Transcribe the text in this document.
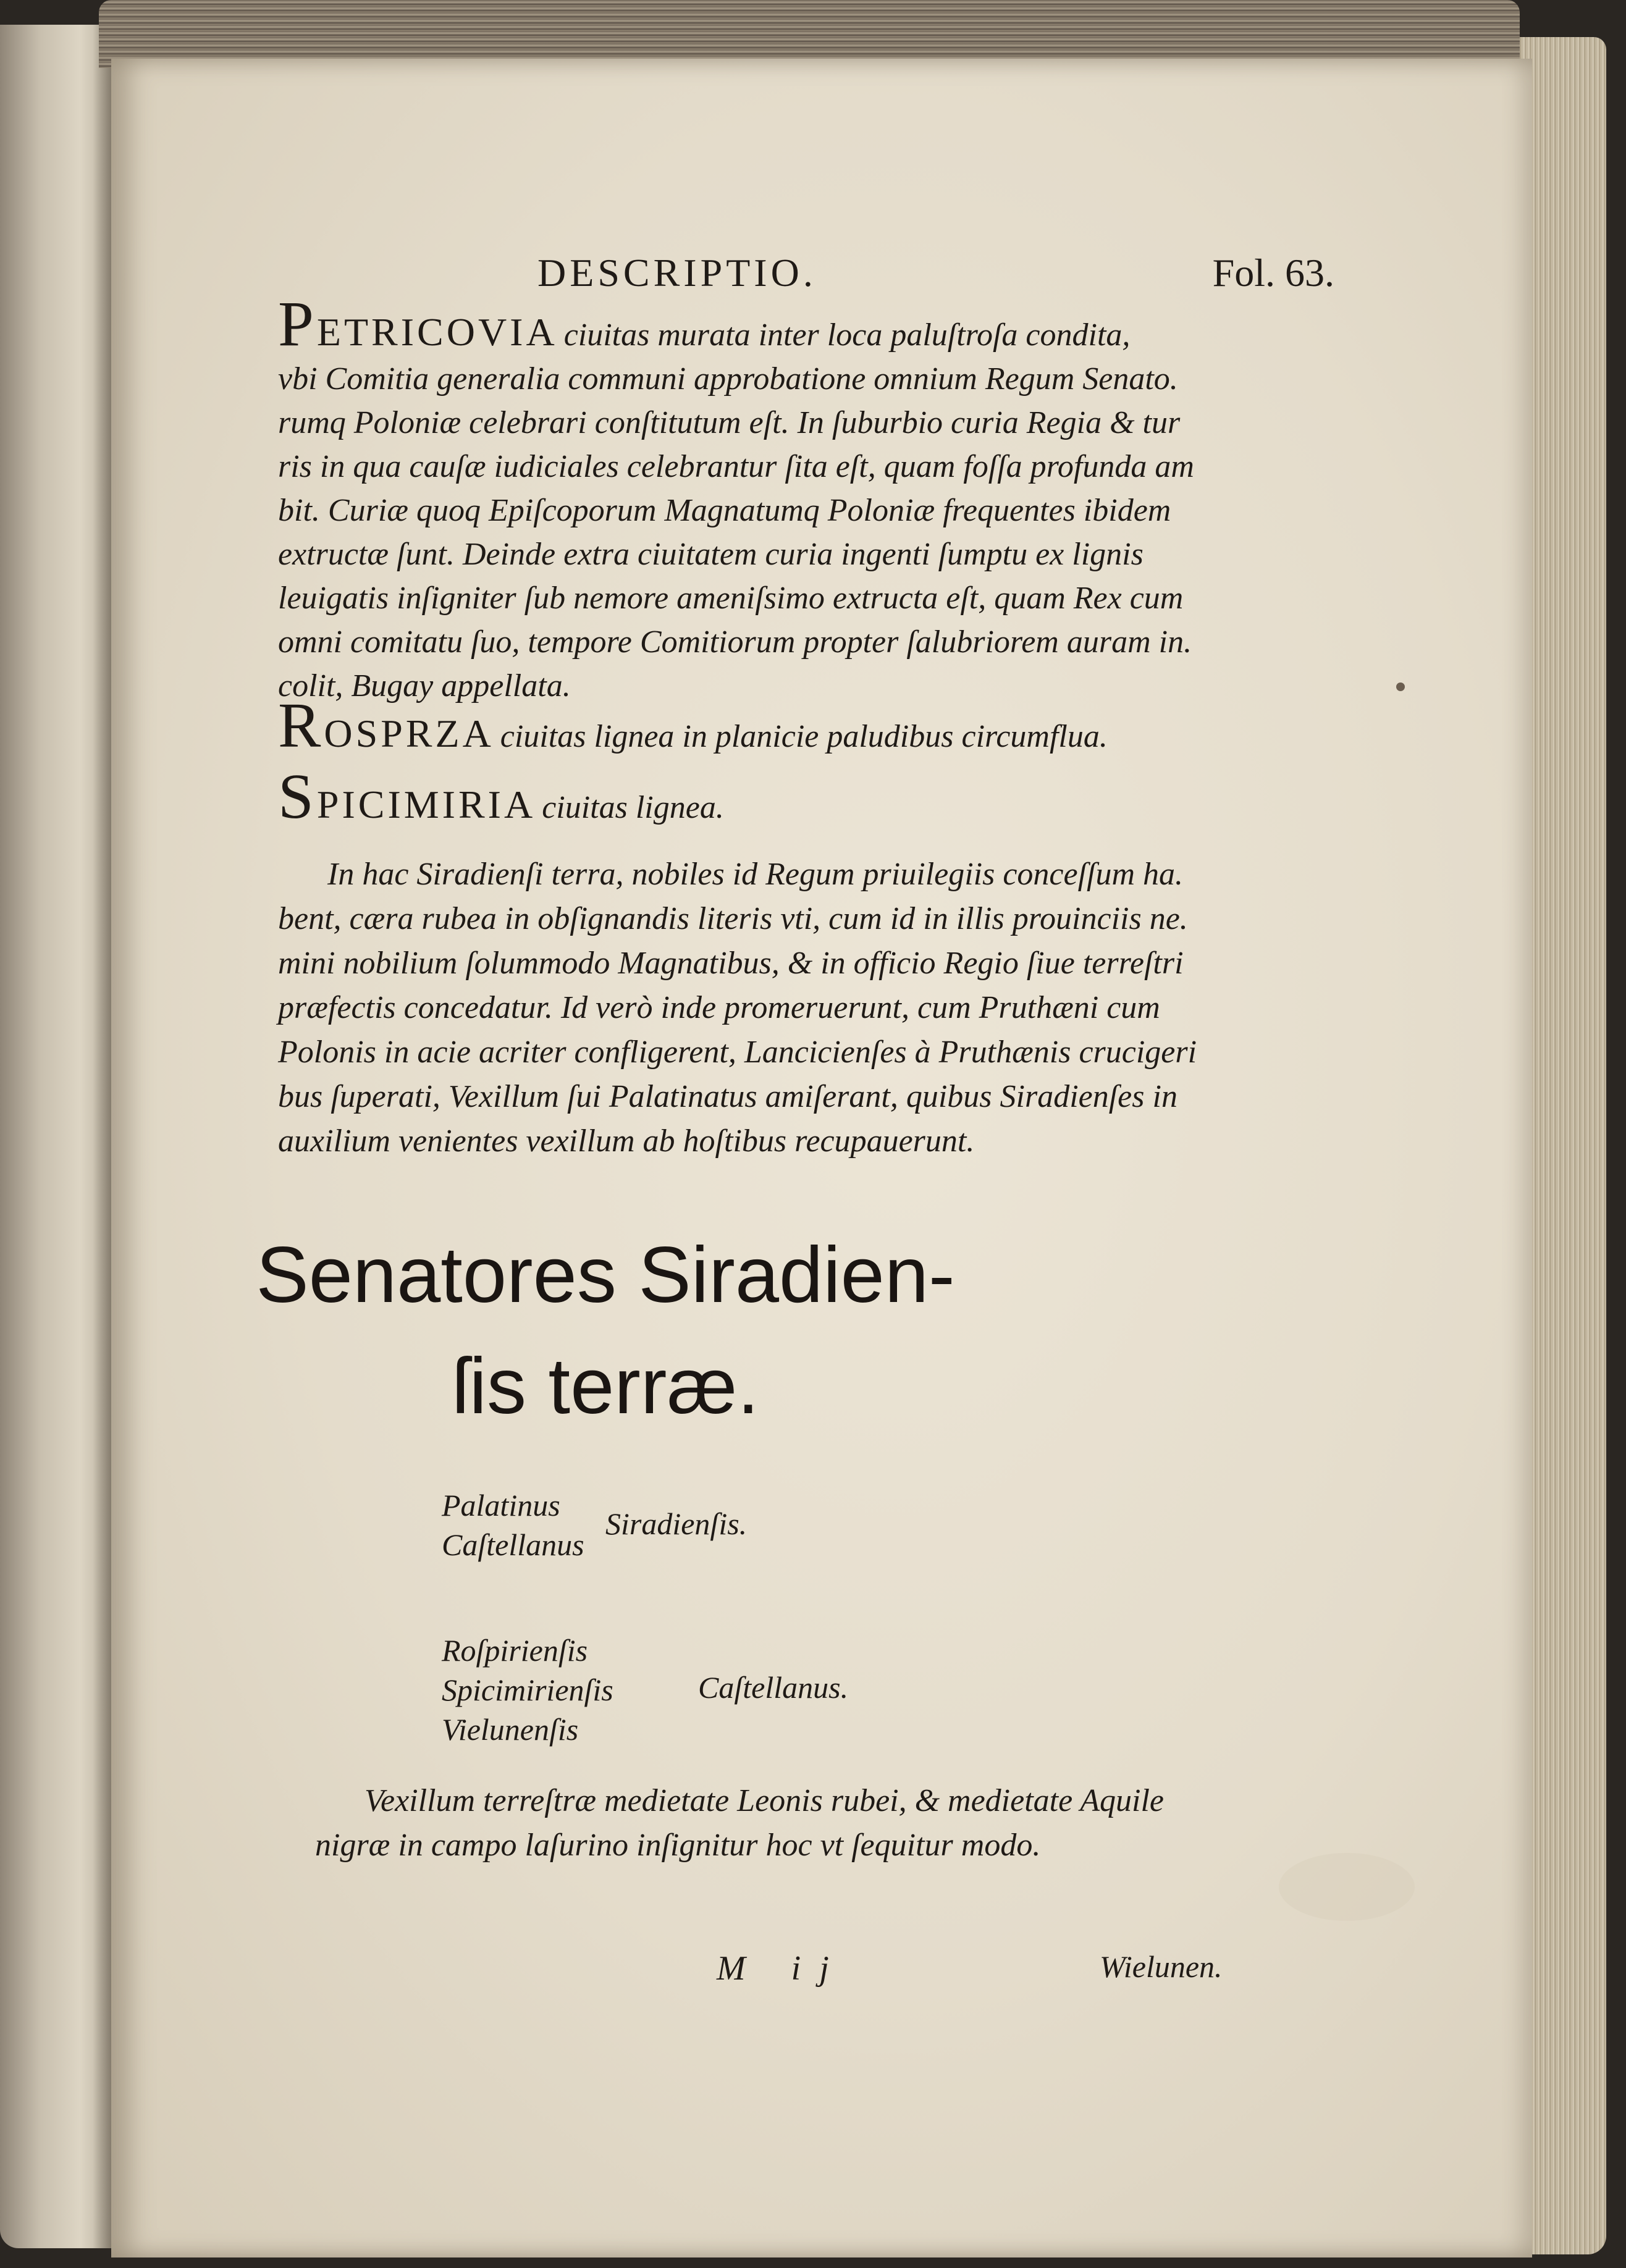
DESCRIPTIO.	Fol. 63.
PETRICOVIA ciuitas murata inter loca paluſtroſa condita,
vbi Comitia generalia communi approbatione omnium Regum Senato.
rumq Poloniæ celebrari conſtitutum eſt. In ſuburbio curia Regia & tur
ris in qua cauſæ iudiciales celebrantur ſita eſt, quam foſſa profunda am
bit. Curiæ quoq Epiſcoporum Magnatumq Poloniæ frequentes ibidem
extructæ ſunt. Deinde extra ciuitatem curia ingenti ſumptu ex lignis
leuigatis inſigniter ſub nemore ameniſsimo extructa eſt, quam Rex cum
omni comitatu ſuo, tempore Comitiorum propter ſalubriorem auram in.
colit, Bugay appellata.
ROSPRZA ciuitas lignea in planicie paludibus circumflua.
SPICIMIRIA ciuitas lignea.
In hac Siradienſi terra, nobiles id Regum priuilegiis conceſſum ha.
bent, cæra rubea in obſignandis literis vti, cum id in illis prouinciis ne.
mini nobilium ſolummodo Magnatibus, & in officio Regio ſiue terreſtri
præfectis concedatur. Id verò inde promeruerunt, cum Pruthæni cum
Polonis in acie acriter confligerent, Lancicienſes à Pruthænis crucigeri
bus ſuperati, Vexillum ſui Palatinatus amiſerant, quibus Siradienſes in
auxilium venientes vexillum ab hoſtibus recupauerunt.
Senatores Siradien-
ſis terræ.
Palatinus
Caſtellanus
Siradienſis.
Roſpirienſis
Spicimirienſis
Vielunenſis
Caſtellanus.
Vexillum terreſtræ medietate Leonis rubei, & medietate Aquile
nigræ in campo laſurino inſignitur hoc vt ſequitur modo.
M ij	Wielunen.
